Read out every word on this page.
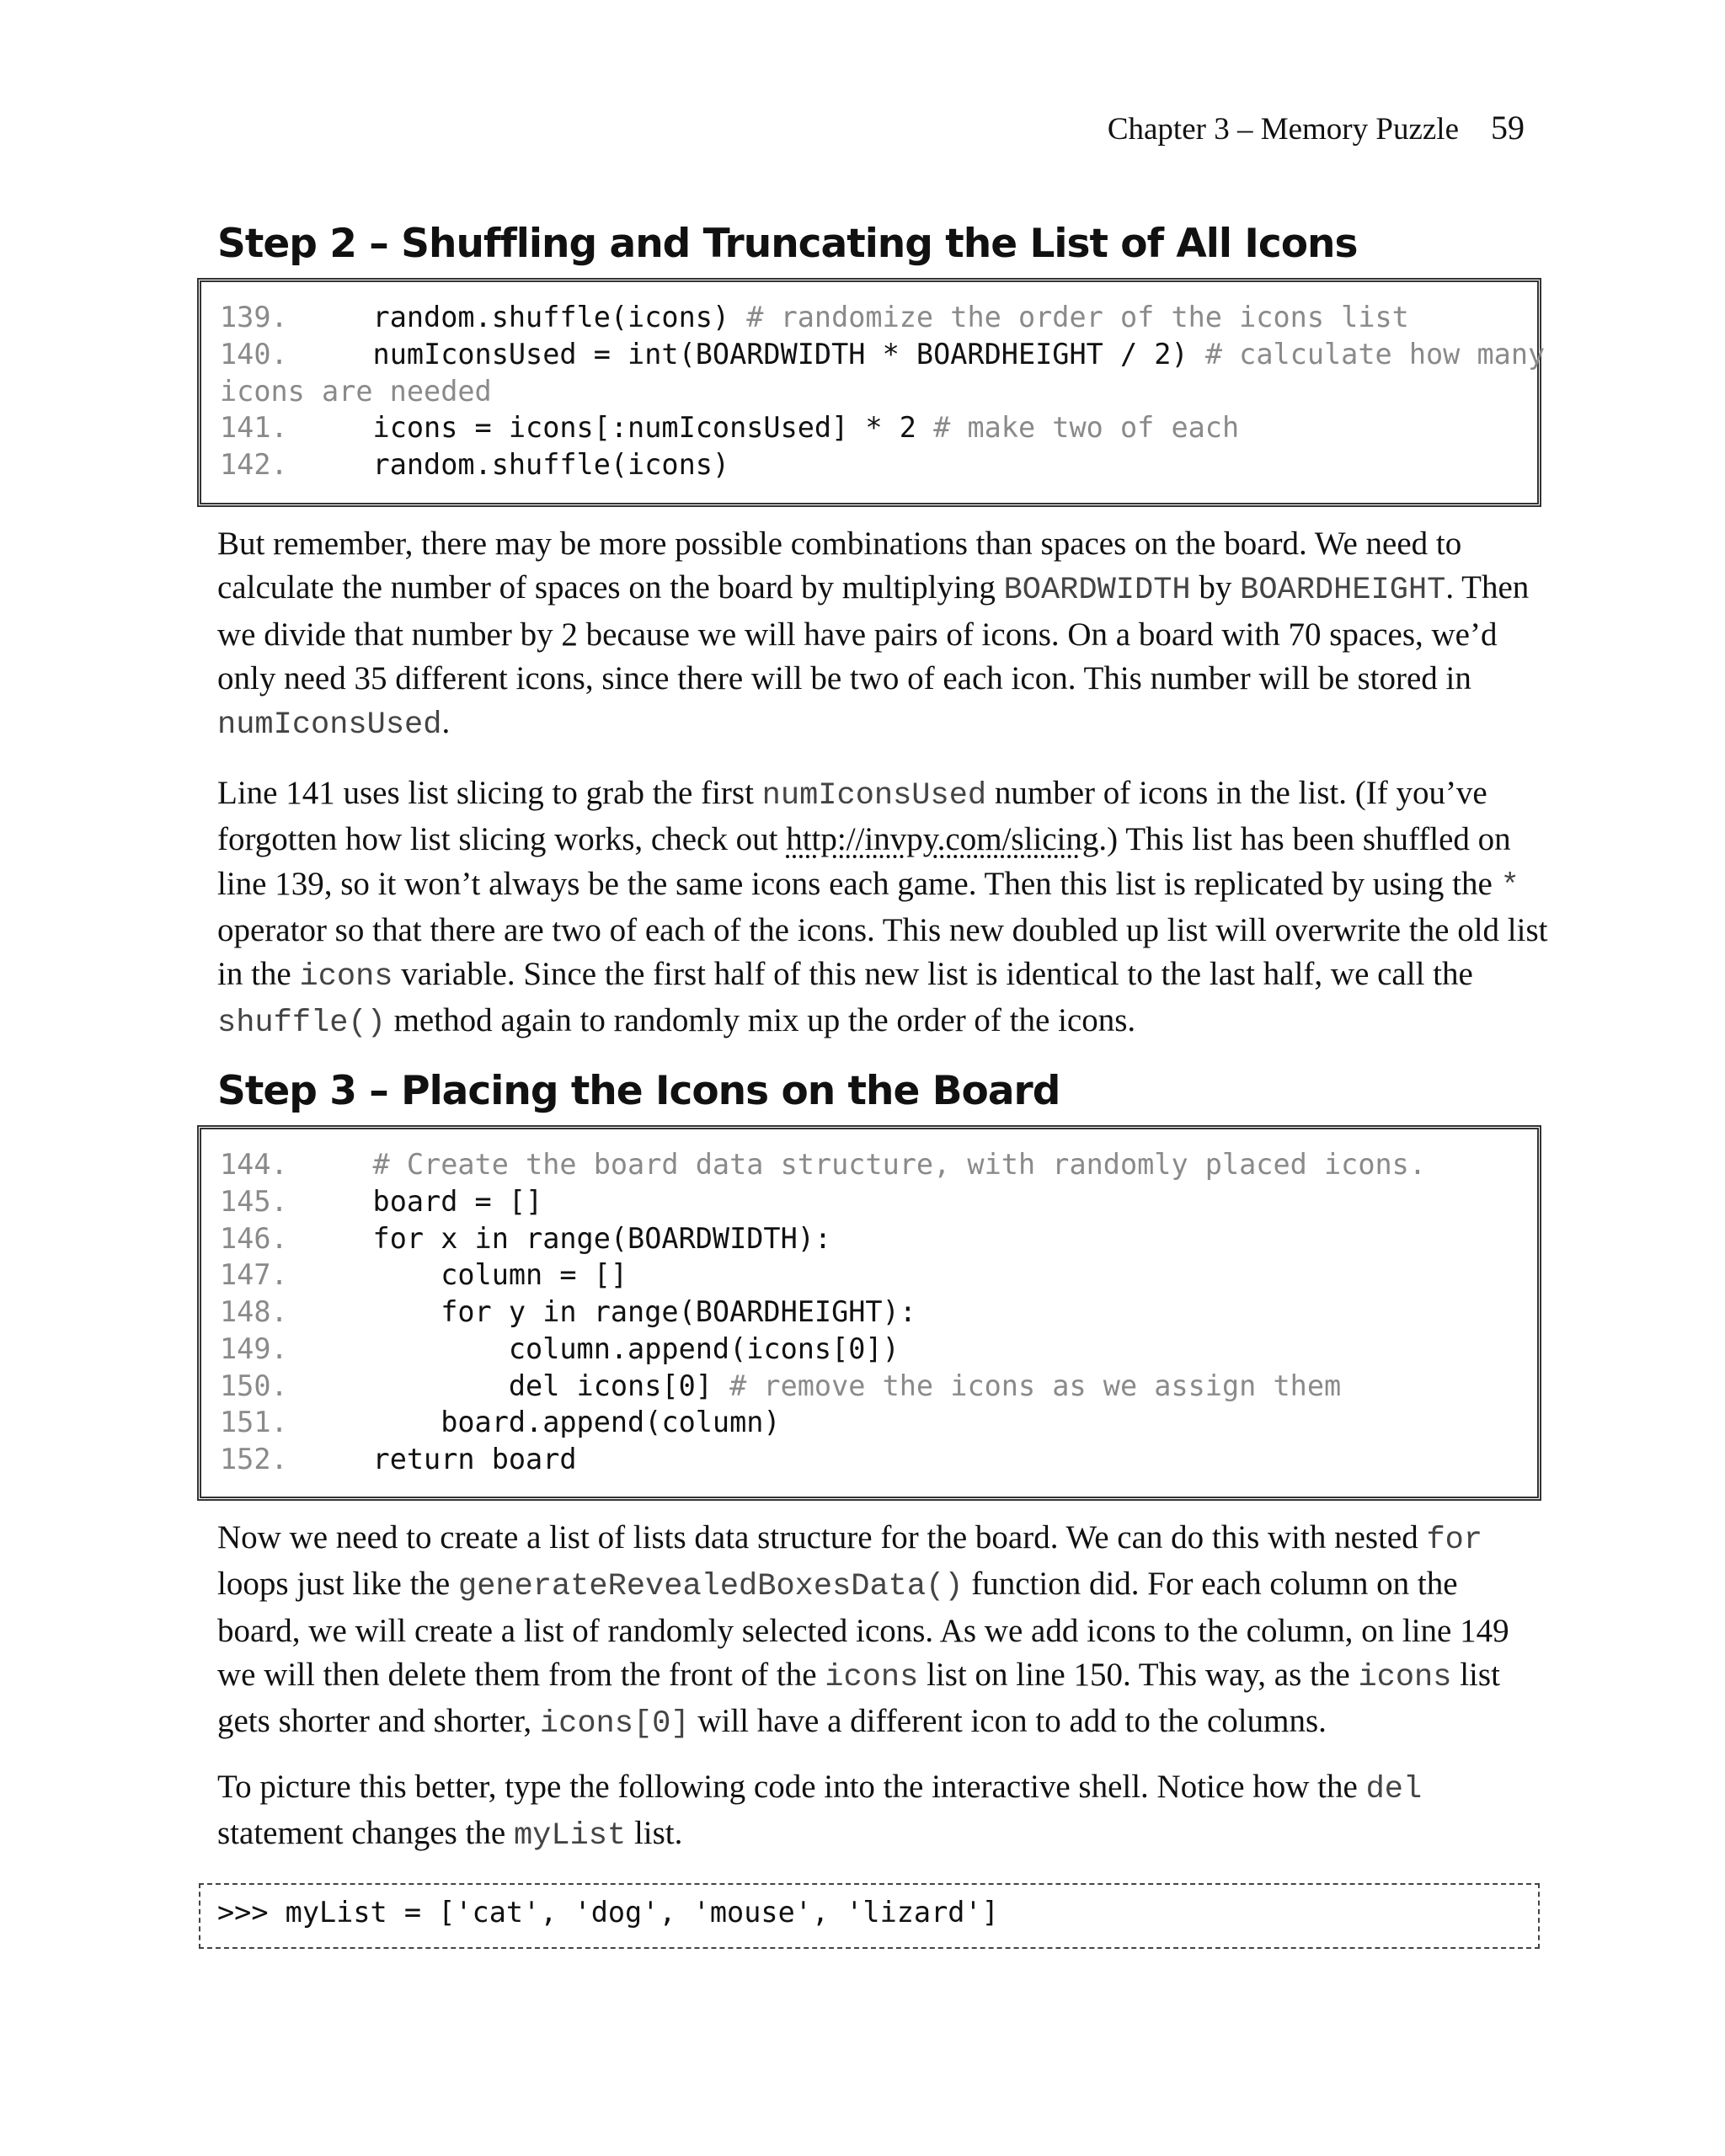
Chapter 3 – Memory Puzzle 59
Step 2 – Shuffling and Truncating the List of All Icons
139.     random.shuffle(icons) # randomize the order of the icons list
140.     numIconsUsed = int(BOARDWIDTH * BOARDHEIGHT / 2) # calculate how many
icons are needed
141.     icons = icons[:numIconsUsed] * 2 # make two of each
142.     random.shuffle(icons)

But remember, there may be more possible combinations than spaces on the board. We need to calculate the number of spaces on the board by multiplying BOARDWIDTH by BOARDHEIGHT. Then we divide that number by 2 because we will have pairs of icons. On a board with 70 spaces, we’d only need 35 different icons, since there will be two of each icon. This number will be stored in numIconsUsed.

Line 141 uses list slicing to grab the first numIconsUsed number of icons in the list. (If you’ve forgotten how list slicing works, check out http://invpy.com/slicing.) This list has been shuffled on line 139, so it won’t always be the same icons each game. Then this list is replicated by using the * operator so that there are two of each of the icons. This new doubled up list will overwrite the old list in the icons variable. Since the first half of this new list is identical to the last half, we call the shuffle() method again to randomly mix up the order of the icons.

Step 3 – Placing the Icons on the Board
144.	# Create the board data structure, with randomly placed icons.
145.     board = []
146.     for x in range(BOARDWIDTH):
147.         column = []
148.         for y in range(BOARDHEIGHT):
149.             column.append(icons[0])
150.             del icons[0] # remove the icons as we assign them
151.         board.append(column)
152.     return board

Now we need to create a list of lists data structure for the board. We can do this with nested for loops just like the generateRevealedBoxesData() function did. For each column on the board, we will create a list of randomly selected icons. As we add icons to the column, on line 149 we will then delete them from the front of the icons list on line 150. This way, as the icons list gets shorter and shorter, icons[0] will have a different icon to add to the columns.

To picture this better, type the following code into the interactive shell. Notice how the del statement changes the myList list.

>>> myList = ['cat', 'dog', 'mouse', 'lizard']
